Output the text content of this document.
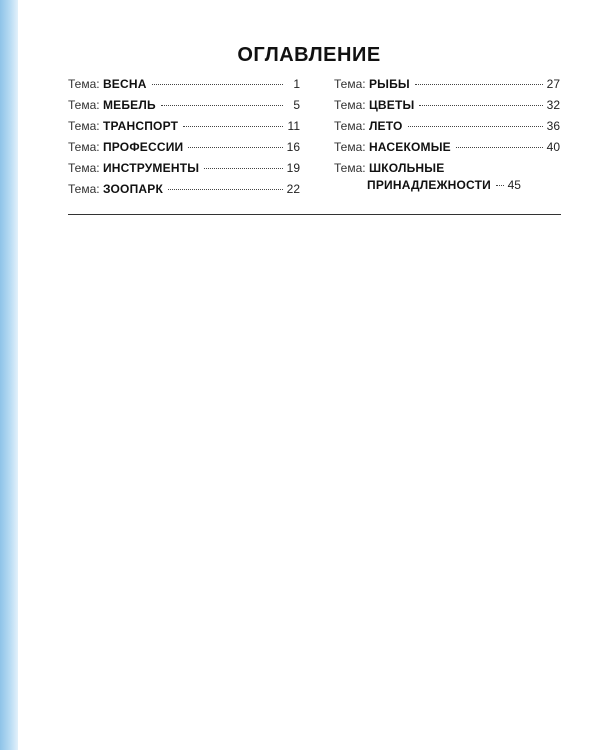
ОГЛАВЛЕНИЕ
Тема:
ВЕСНА	1
Тема:
МЕБЕЛЬ	5
Тема:
ТРАНСПОРТ	11
Тема:
ПРОФЕССИИ	16
Тема:
ИНСТРУМЕНТЫ	19
Тема:
ЗООПАРК	22
Тема:
РЫБЫ	27
Тема:
ЦВЕТЫ	32
Тема:
ЛЕТО	36
Тема:
НАСЕКОМЫЕ	40
Тема: ШКОЛЬНЫЕ
ПРИНАДЛЕЖНОСТИ 45
